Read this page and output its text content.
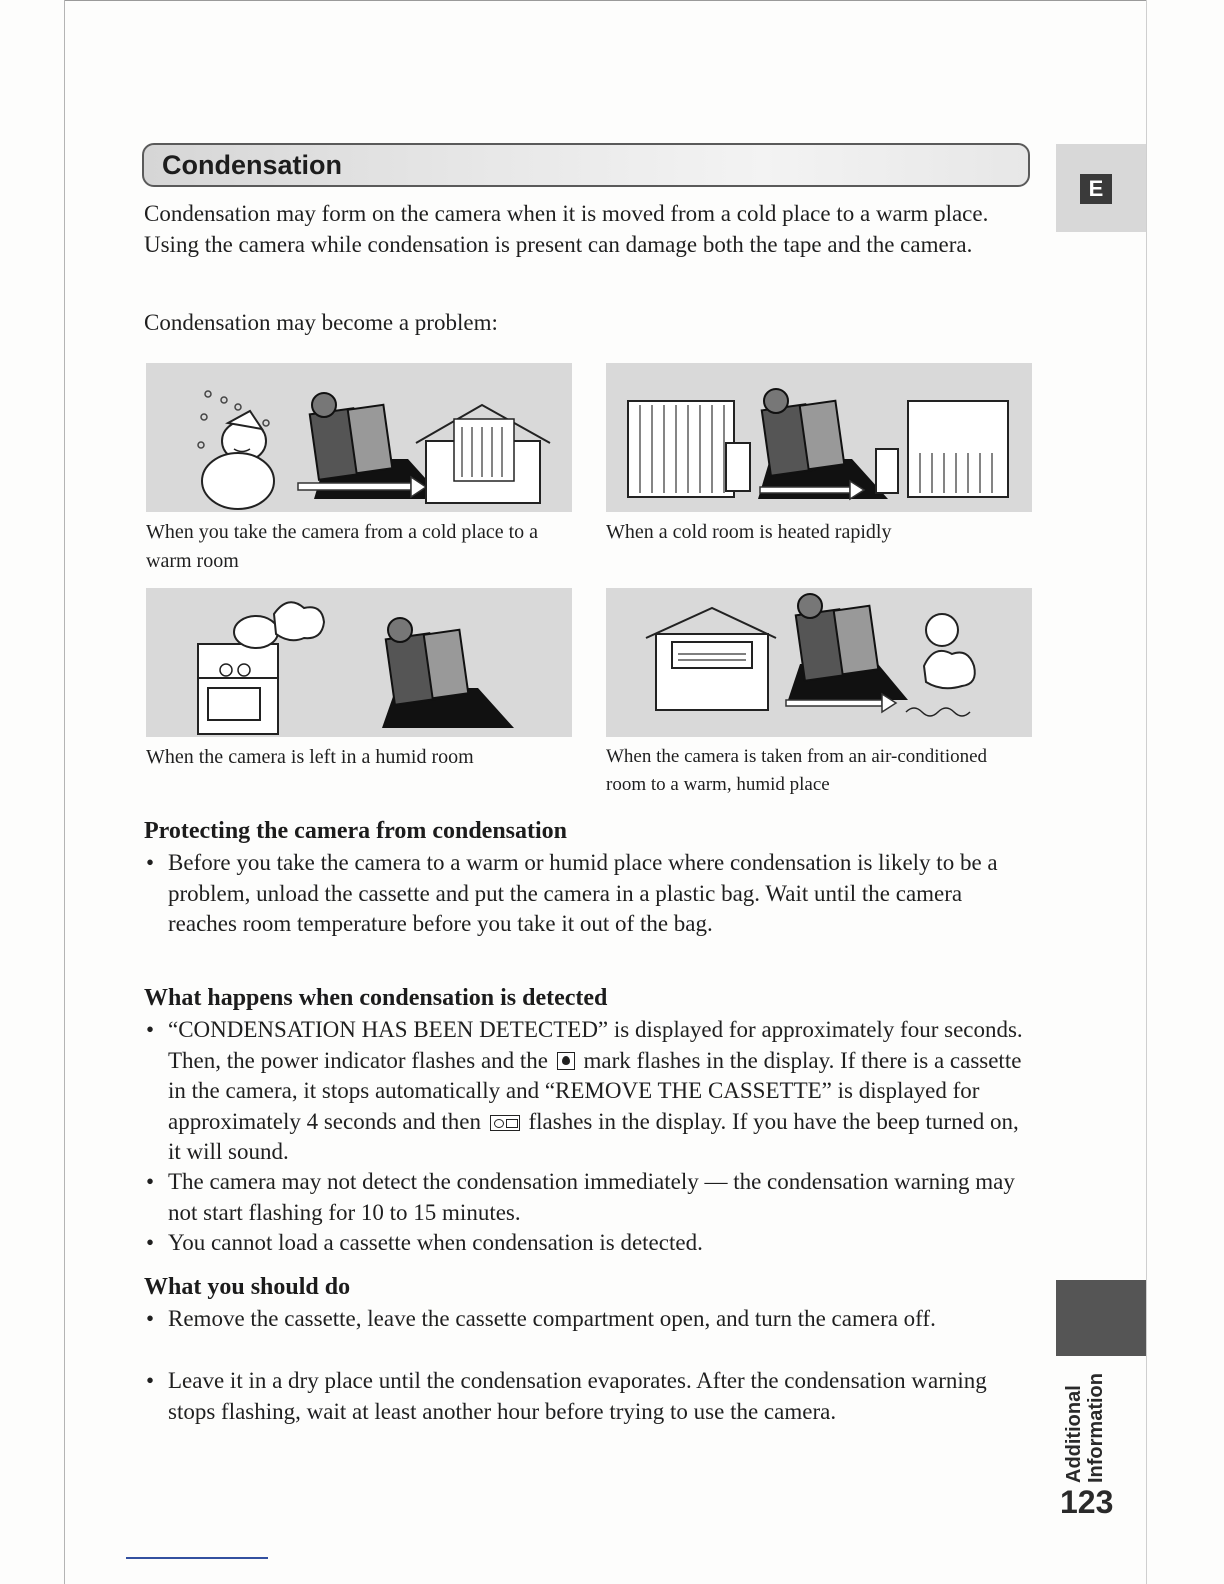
Condensation
E
Condensation may form on the camera when it is moved from a cold place to a warm place. Using the camera while condensation is present can damage both the tape and the camera.
Condensation may become a problem:
When you take the camera from a cold place to a warm room
When a cold room is heated rapidly
When the camera is left in a humid room	When the camera is taken from an air-conditioned room to a warm, humid place
Protecting the camera from condensation
• Before you take the camera to a warm or humid place where condensation is likely to be a problem, unload the cassette and put the camera in a plastic bag. Wait until the camera reaches room temperature before you take it out of the bag.
What happens when condensation is detected
• “CONDENSATION HAS BEEN DETECTED” is displayed for approximately four seconds. Then, the power indicator flashes and the mark flashes in the display. If there is a cassette in the camera, it stops automatically and “REMOVE THE CASSETTE” is displayed for approximately 4 seconds and then flashes in the display. If you have the beep turned on, it will sound.
• The camera may not detect the condensation immediately — the condensation warning may not start flashing for 10 to 15 minutes.
• You cannot load a cassette when condensation is detected.
What you should do
• Remove the cassette, leave the cassette compartment open, and turn the camera off.
• Leave it in a dry place until the condensation evaporates. After the condensation warning stops flashing, wait at least another hour before trying to use the camera.	Additional Information
123
